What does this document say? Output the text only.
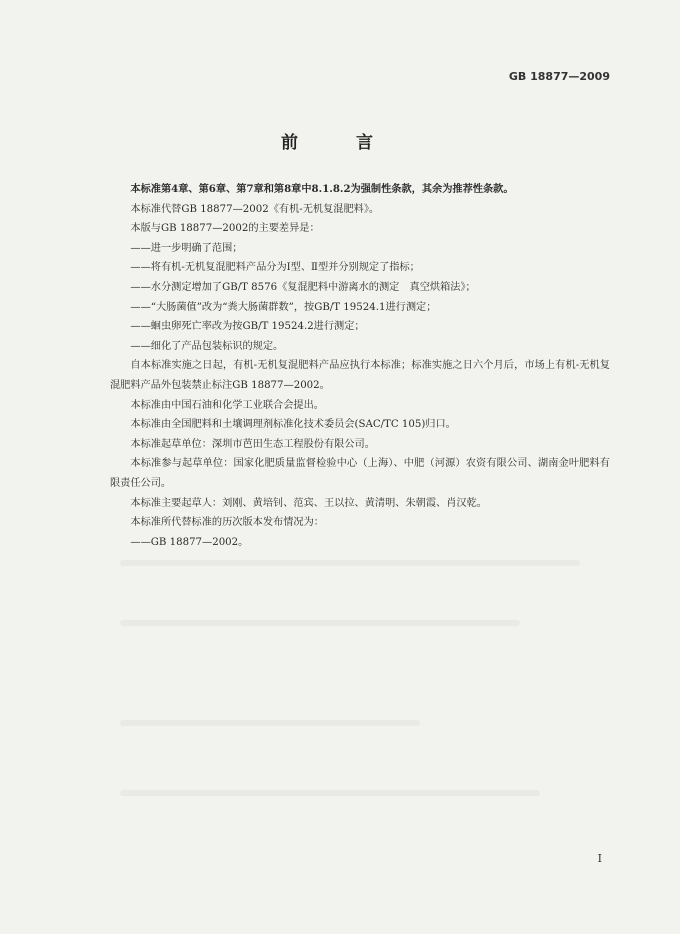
GB 18877—2009
前 言

本标准第4章、第6章、第7章和第8章中8.1.8.2为强制性条款，其余为推荐性条款。

本标准代替GB 18877—2002《有机-无机复混肥料》。

本版与GB 18877—2002的主要差异是：

——进一步明确了范围；

——将有机-无机复混肥料产品分为Ⅰ型、Ⅱ型并分别规定了指标；

——水分测定增加了GB/T 8576《复混肥料中游离水的测定　真空烘箱法》；

——“大肠菌值”改为“粪大肠菌群数”，按GB/T 19524.1进行测定；

——蛔虫卵死亡率改为按GB/T 19524.2进行测定；

——细化了产品包装标识的规定。

自本标准实施之日起，有机-无机复混肥料产品应执行本标准；标准实施之日六个月后，市场上有机-无机复混肥料产品外包装禁止标注GB 18877—2002。

本标准由中国石油和化学工业联合会提出。

本标准由全国肥料和土壤调理剂标准化技术委员会(SAC/TC 105)归口。

本标准起草单位：深圳市芭田生态工程股份有限公司。

本标准参与起草单位：国家化肥质量监督检验中心（上海）、中肥（河源）农资有限公司、湖南金叶肥料有限责任公司。

本标准主要起草人：刘刚、黄培钊、范宾、王以拉、黄清明、朱朝霞、肖汉乾。

本标准所代替标准的历次版本发布情况为：

——GB 18877—2002。

I
